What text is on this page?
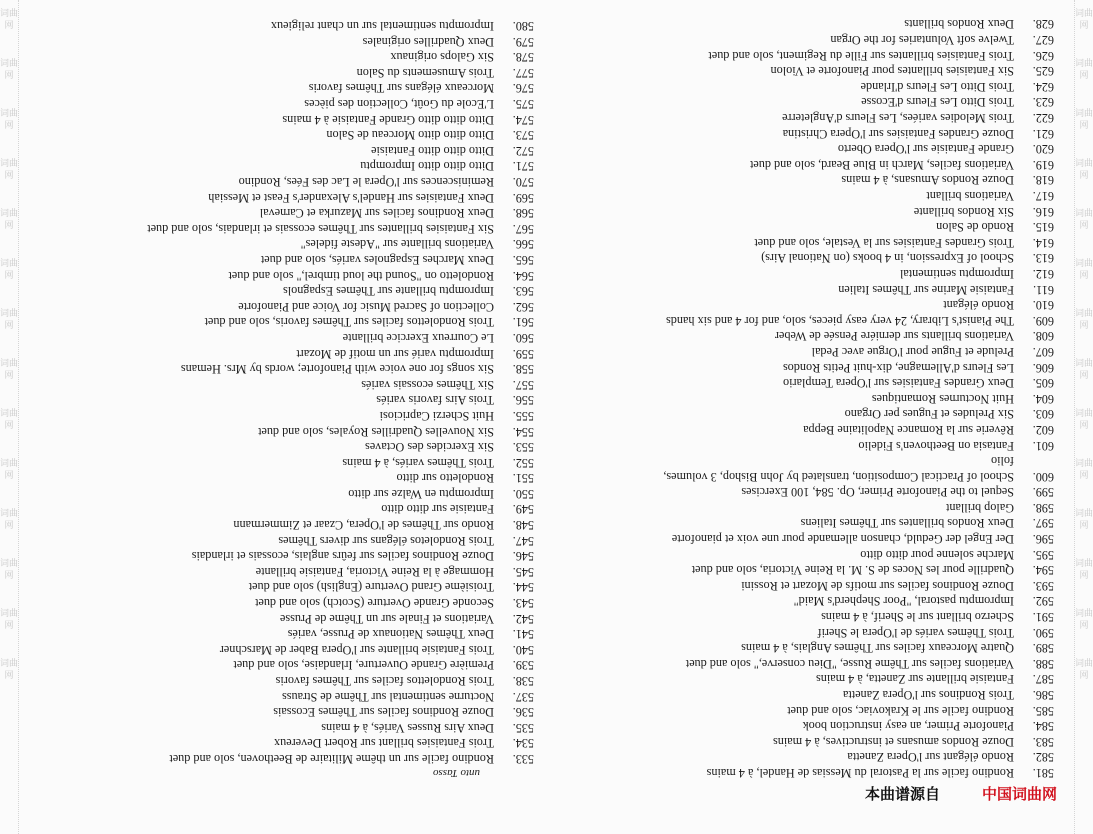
词曲网
词曲网
词曲网
词曲网
词曲网
词曲网
词曲网
词曲网
词曲网
词曲网
词曲网
词曲网
词曲网
词曲网
词曲网
词曲网
词曲网
词曲网
词曲网
词曲网
词曲网
词曲网
词曲网
词曲网
词曲网
词曲网
词曲网
词曲网
581.
Rondino facile sur la Pastoral du Messias de Handel, à 4 mains
582.
Rondo élégant sur l'Opera Zanetta
583.
Douze Rondos amusans et instructives, à 4 mains
584.
Pianoforte Primer, an easy instruction book
585.
Rondino facile sur le Krakoviac, solo and duet
586.
Trois Rondinos sur l'Opera Zanetta
587.
Fantaisie brillante sur Zanetta, à 4 mains
588.
Variations faciles sur Thême Russe, "Dieu conserve," solo and duet
589.
Quatre Morceaux faciles sur Thêmes Anglais, à 4 mains
590.
Trois Thêmes variés de l'Opera le Sherif
591.
Scherzo brillant sur le Sherif, à 4 mains
592.
Impromptu pastoral, "Poor Shepherd's Maid"
593.
Douze Rondinos faciles sur motifs de Mozart et Rossini
594.
Quadrille pour les Noces de S. M. la Reine Victoria, solo and duet
595.
Marche solenne pour ditto ditto
596.
Der Engel der Geduld, chanson allemande pour une voix et pianoforte
597.
Deux Rondos brillantes sur Thêmes Italiens
598.
Galop brillant
599.
Sequel to the Pianoforte Primer, Op. 584, 100 Exercises
600.
School of Practical Composition, translated by John Bishop, 3 volumes,
folio
601.
Fantasia on Beethoven's Fidelio
602.
Rêverie sur la Romance Napolitaine Beppa
603.
Six Preludes et Fugues per Organo
604.
Huit Nocturnes Romantiques
605.
Deux Grandes Fantaisies sur l'Opera Templario
606.
Les Fleurs d'Allemagne, dix-huit Petits Rondos
607.
Prelude et Fugue pour l'Orgue avec Pedal
608.
Variations brillants sur derniére Pensée de Weber
609.
The Pianist's Library, 24 very easy pieces, solo, and for 4 and six hands
610.
Rondo élégant
611.
Fantaisie Marine sur Thêmes Italien
612.
Impromptu sentimental
613.
School of Expression, in 4 books (on National Airs)
614.
Trois Grandes Fantaisies sur la Vestale, solo and duet
615.
Rondo de Salon
616.
Six Rondos brillante
617.
Variations brillant
618.
Douze Rondos Amusans, à 4 mains
619.
Variations faciles, March in Blue Beard, solo and duet
620.
Grande Fantaisie sur l'Opera Oberto
621.
Douze Grandes Fantaisies sur l'Opera Christina
622.
Trois Melodies variées, Les Fleurs d'Angleterre
623.
Trois Ditto Les Fleurs d'Ecosse
624.
Trois Ditto Les Fleurs d'Irlande
625.
Six Fantaisies brillantes pour Pianoforte et Violon
626.
Trois Fantaisies brillantes sur Fille du Regiment, solo and duet
627.
Twelve soft Voluntaries for the Organ
628.
Deux Rondos brillants
unto Tasso
533.
Rondino facile sur un thême Militaire de Beethoven, solo and duet
534.
Trois Fantaisies brillant sur Robert Devereux
535.
Deux Airs Russes Variés, à 4 mains
536.
Douze Rondinos faciles sur Thêmes Ecossais
537.
Nocturne sentimental sur Thême de Strauss
538.
Trois Rondolettos faciles sur Thêmes favoris
539.
Première Grande Ouverture, Irlandaise, solo and duet
540.
Trois Fantaisie brillante sur l'Opera Baber de Marschner
541.
Deux Thêmes Nationaux de Prusse, variés
542.
Variations et Finale sur un Thême de Prusse
543.
Seconde Grande Overture (Scotch) solo and duet
544.
Troisième Grand Overture (English) solo and duet
545.
Hommage à la Reine Victoria, Fantaisie brillante
546.
Douze Rondinos faciles sur feûrs anglais, ecossais et irlandais
547.
Trois Rondoletos élégans sur divers Thêmes
548.
Rondo sur Thêmes de l'Opera, Czaar et Zimmermann
549.
Fantaisie sur ditto ditto
550.
Impromptu en Walze sur ditto
551.
Rondoletto sur ditto
552.
Trois Thêmes variés, à 4 mains
553.
Six Exercides des Octaves
554.
Six Nouvelles Quadrilles Royales, solo and duet
555.
Huit Scherzi Capriciosi
556.
Trois Airs favoris variés
557.
Six Thêmes ecossais variés
558.
Six songs for one voice with Pianoforte; words by Mrs. Hemans
559.
Impromptu varié sur un motif de Mozart
560.
Le Courreux Exercice brillante
561.
Trois Rondolettos faciles sur Thêmes favoris, solo and duet
562.
Collection of Sacred Music for Voice and Pianoforte
563.
Impromptu brillante sur Thêmes Espagnols
564.
Rondoletto on "Sound the loud timbrel," solo and duet
565.
Deux Marches Espagnoles variés, solo and duet
566.
Variations brillante sur "Adeste fideles"
567.
Six Fantaisies brillantes sur Thêmes ecossais et irlandais, solo and duet
568.
Deux Rondinos faciles sur Mazurka et Carneval
569.
Deux Fantaisies sur Handel's Alexander's Feast et Messiah
570.
Reminiscences sur l'Opera le Lac des Fées, Rondino
571.
Ditto ditto ditto Impromptu
572.
Ditto ditto ditto Fantaisie
573.
Ditto ditto ditto Morceau de Salon
574.
Ditto ditto ditto Grande Fantaisie à 4 mains
575.
L'Ecole du Goût, Collection des pièces
576.
Morceaux élégans sur Thêmes favoris
577.
Trois Amusements du Salon
578.
Six Galops originaux
579.
Deux Quadrilles originales
580.
Impromptu sentimental sur un chant religieux
本曲谱源自	中国词曲网
